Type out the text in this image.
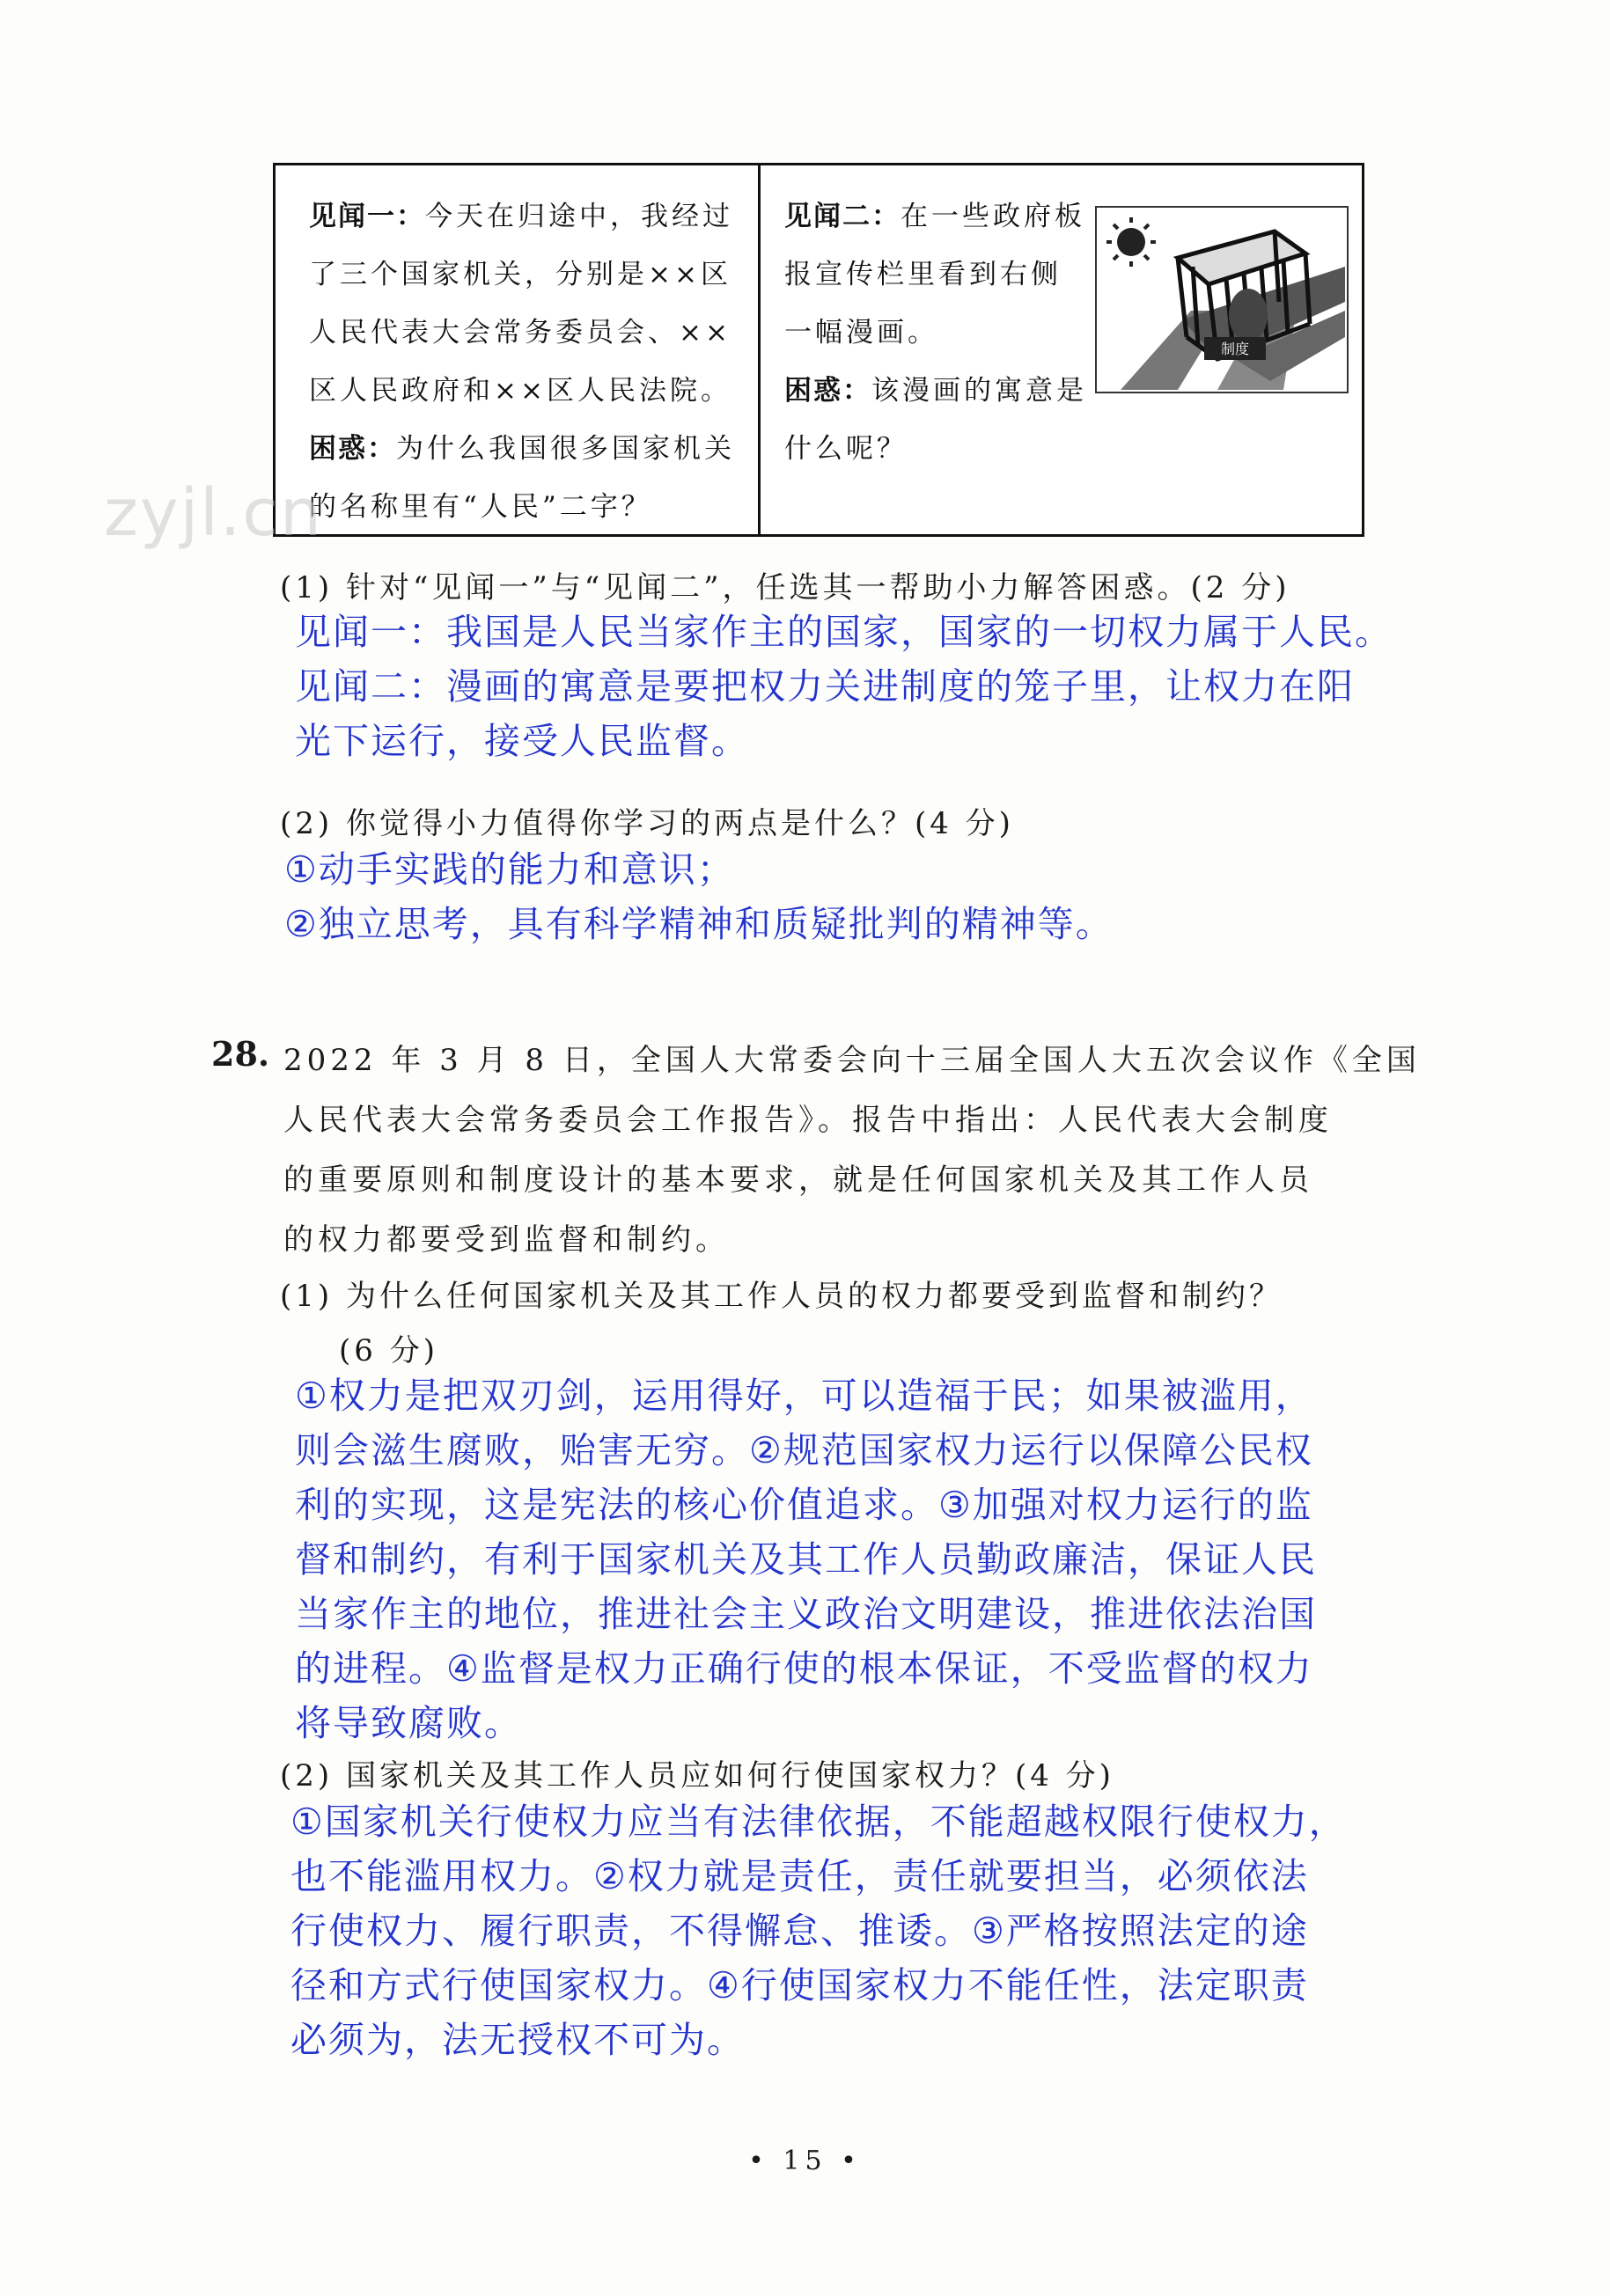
见闻一：今天在归途中，我经过
了三个国家机关，分别是××区
人民代表大会常务委员会、××
区人民政府和××区人民法院。
困惑：为什么我国很多国家机关
的名称里有“人民”二字？
见闻二：在一些政府板
报宣传栏里看到右侧
一幅漫画。
困惑：该漫画的寓意是
什么呢？
制度
zyjl.cn
(1) 针对“见闻一”与“见闻二”，任选其一帮助小力解答困惑。(2 分)
见闻一：我国是人民当家作主的国家，国家的一切权力属于人民。
见闻二：漫画的寓意是要把权力关进制度的笼子里，让权力在阳
光下运行，接受人民监督。
(2) 你觉得小力值得你学习的两点是什么？(4 分)
①动手实践的能力和意识；
②独立思考，具有科学精神和质疑批判的精神等。
28. 2022 年 3 月 8 日，全国人大常委会向十三届全国人大五次会议作《全国
人民代表大会常务委员会工作报告》。报告中指出：人民代表大会制度
的重要原则和制度设计的基本要求，就是任何国家机关及其工作人员
的权力都要受到监督和制约。
(1) 为什么任何国家机关及其工作人员的权力都要受到监督和制约？
(6 分)
①权力是把双刃剑，运用得好，可以造福于民；如果被滥用，
则会滋生腐败，贻害无穷。②规范国家权力运行以保障公民权
利的实现，这是宪法的核心价值追求。③加强对权力运行的监
督和制约，有利于国家机关及其工作人员勤政廉洁，保证人民
当家作主的地位，推进社会主义政治文明建设，推进依法治国
的进程。④监督是权力正确行使的根本保证，不受监督的权力
将导致腐败。
(2) 国家机关及其工作人员应如何行使国家权力？(4 分)
①国家机关行使权力应当有法律依据，不能超越权限行使权力，
也不能滥用权力。②权力就是责任，责任就要担当，必须依法
行使权力、履行职责，不得懈怠、推诿。③严格按照法定的途
径和方式行使国家权力。④行使国家权力不能任性，法定职责
必须为，法无授权不可为。
• 15 •
